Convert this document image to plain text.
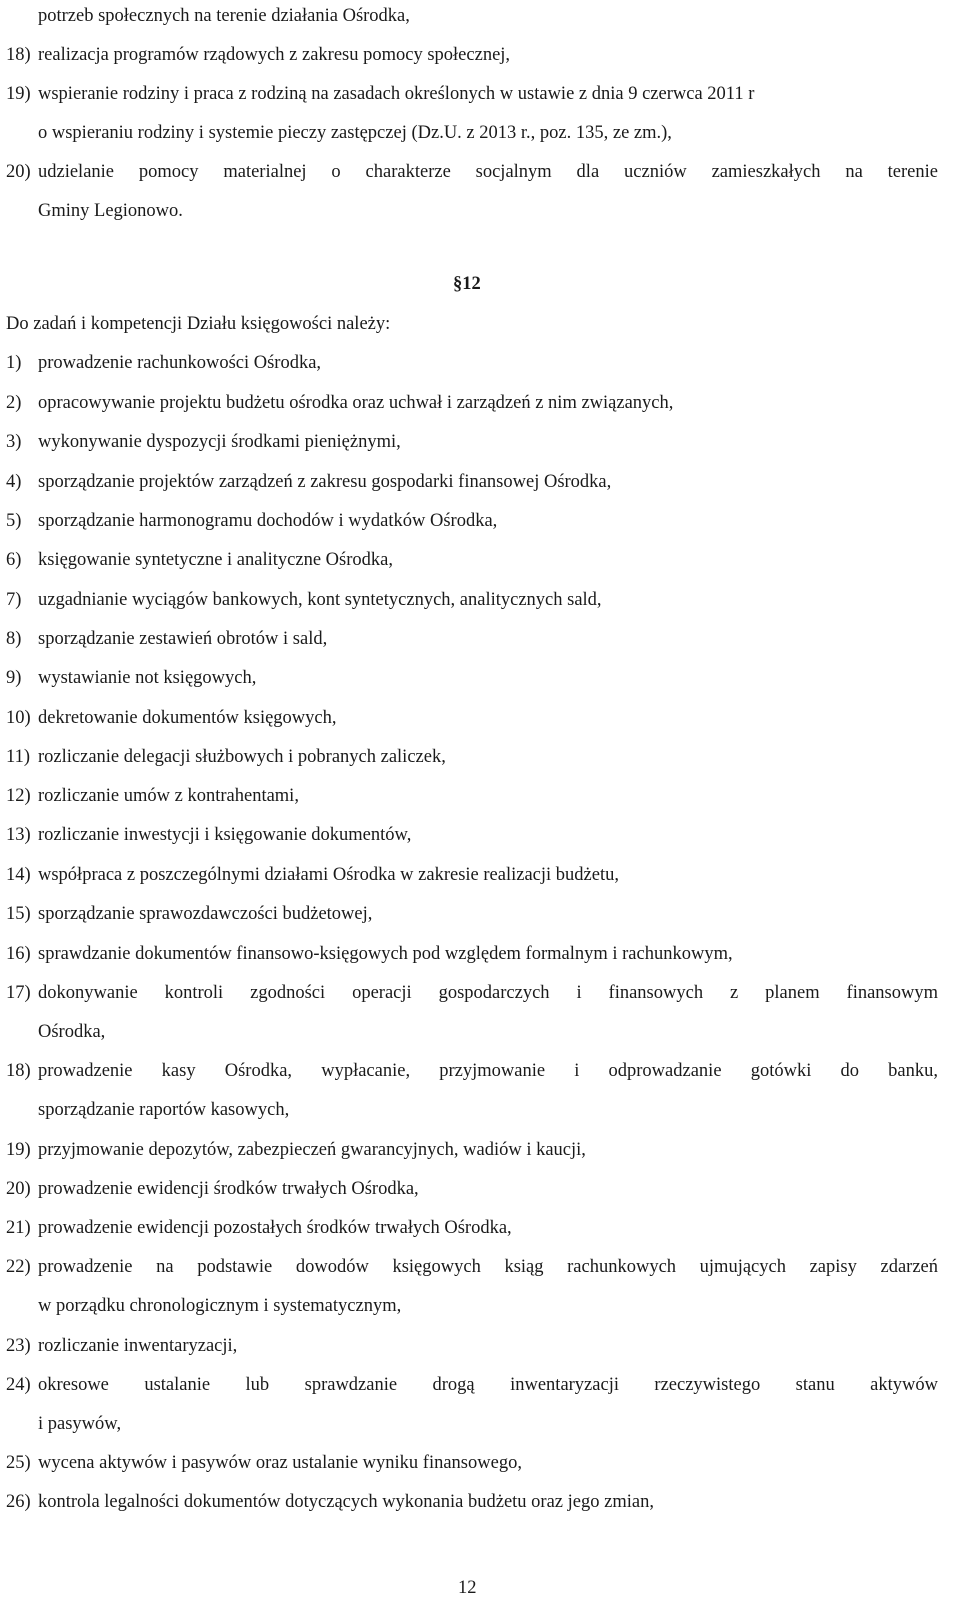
potrzeb społecznych na terenie działania Ośrodka,
18) realizacja programów rządowych z zakresu pomocy społecznej,
19) wspieranie rodziny i praca z rodziną na zasadach określonych w ustawie z dnia 9 czerwca 2011 r
o wspieraniu rodziny i systemie pieczy zastępczej (Dz.U. z 2013 r., poz. 135, ze zm.),
20) udzielanie pomocy materialnej o charakterze socjalnym dla uczniów zamieszkałych na terenie
Gminy Legionowo.
§12
Do zadań i kompetencji Działu księgowości należy:
1) prowadzenie rachunkowości Ośrodka,
2) opracowywanie projektu budżetu ośrodka oraz uchwał i zarządzeń z nim związanych,
3) wykonywanie dyspozycji środkami pieniężnymi,
4) sporządzanie projektów zarządzeń z zakresu gospodarki finansowej Ośrodka,
5) sporządzanie harmonogramu dochodów i wydatków Ośrodka,
6) księgowanie syntetyczne i analityczne Ośrodka,
7) uzgadnianie wyciągów bankowych, kont syntetycznych, analitycznych sald,
8) sporządzanie zestawień obrotów i sald,
9) wystawianie not księgowych,
10) dekretowanie dokumentów księgowych,
11) rozliczanie delegacji służbowych i pobranych zaliczek,
12) rozliczanie umów z kontrahentami,
13) rozliczanie inwestycji i księgowanie dokumentów,
14) współpraca z poszczególnymi działami Ośrodka w zakresie realizacji budżetu,
15) sporządzanie sprawozdawczości budżetowej,
16) sprawdzanie dokumentów finansowo-księgowych pod względem formalnym i rachunkowym,
17) dokonywanie kontroli zgodności operacji gospodarczych i finansowych z planem finansowym
Ośrodka,
18) prowadzenie kasy Ośrodka, wypłacanie, przyjmowanie i odprowadzanie gotówki do banku,
sporządzanie raportów kasowych,
19) przyjmowanie depozytów, zabezpieczeń gwarancyjnych, wadiów i kaucji,
20) prowadzenie ewidencji środków trwałych Ośrodka,
21) prowadzenie ewidencji pozostałych środków trwałych Ośrodka,
22) prowadzenie na podstawie dowodów księgowych ksiąg rachunkowych ujmujących zapisy zdarzeń
w porządku chronologicznym i systematycznym,
23) rozliczanie inwentaryzacji,
24) okresowe ustalanie lub sprawdzanie drogą inwentaryzacji rzeczywistego stanu aktywów
i pasywów,
25) wycena aktywów i pasywów oraz ustalanie wyniku finansowego,
26) kontrola legalności dokumentów dotyczących wykonania budżetu oraz jego zmian,
12
